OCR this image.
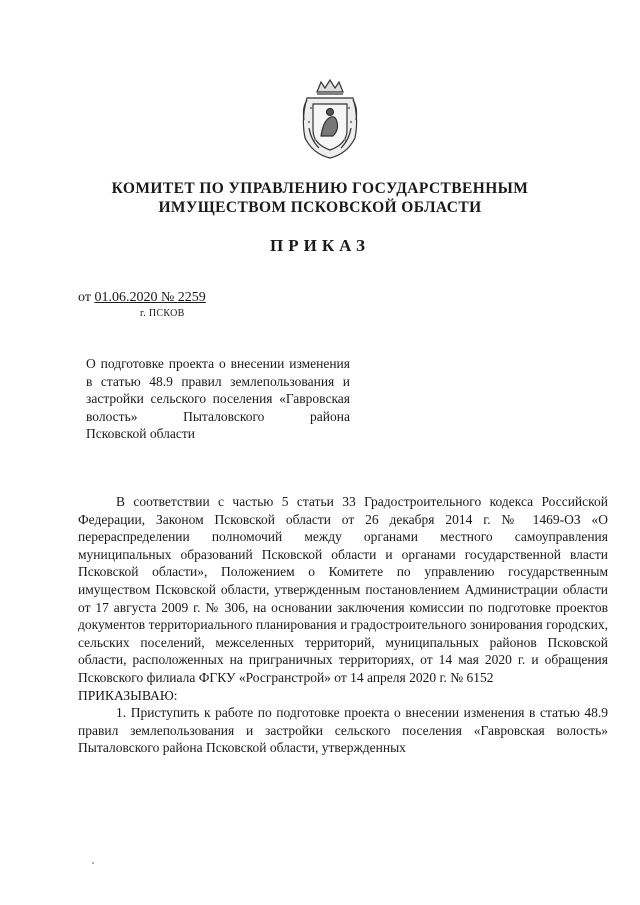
КОМИТЕТ ПО УПРАВЛЕНИЮ ГОСУДАРСТВЕННЫМ
ИМУЩЕСТВОМ ПСКОВСКОЙ ОБЛАСТИ
ПРИКАЗ
от 01.06.2020 № 2259
г. ПСКОВ
О подготовке проекта о внесении изменения в статью 48.9 правил землепользования и застройки сельского поселения «Гавровская волость» Пыталовского района
Псковской области

В соответствии с частью 5 статьи 33 Градостроительного кодекса Российской Федерации, Законом Псковской области от 26 декабря 2014 г. № 1469-ОЗ «О перераспределении полномочий между органами местного самоуправления муниципальных образований Псковской области и органами государственной власти Псковской области», Положением о Комитете по управлению государственным имуществом Псковской области, утвержденным постановлением Администрации области от 17 августа 2009 г. № 306, на основании заключения комиссии по подготовке проектов документов территориального планирования и градостроительного зонирования городских, сельских поселений, межселенных территорий, муниципальных районов Псковской области, расположенных на приграничных территориях, от 14 мая 2020 г. и обращения Псковского филиала ФГКУ «Росгранстрой» от 14 апреля 2020 г. № 6152

ПРИКАЗЫВАЮ:

1. Приступить к работе по подготовке проекта о внесении изменения в статью 48.9 правил землепользования и застройки сельского поселения «Гавровская волость» Пыталовского района Псковской области, утвержденных
